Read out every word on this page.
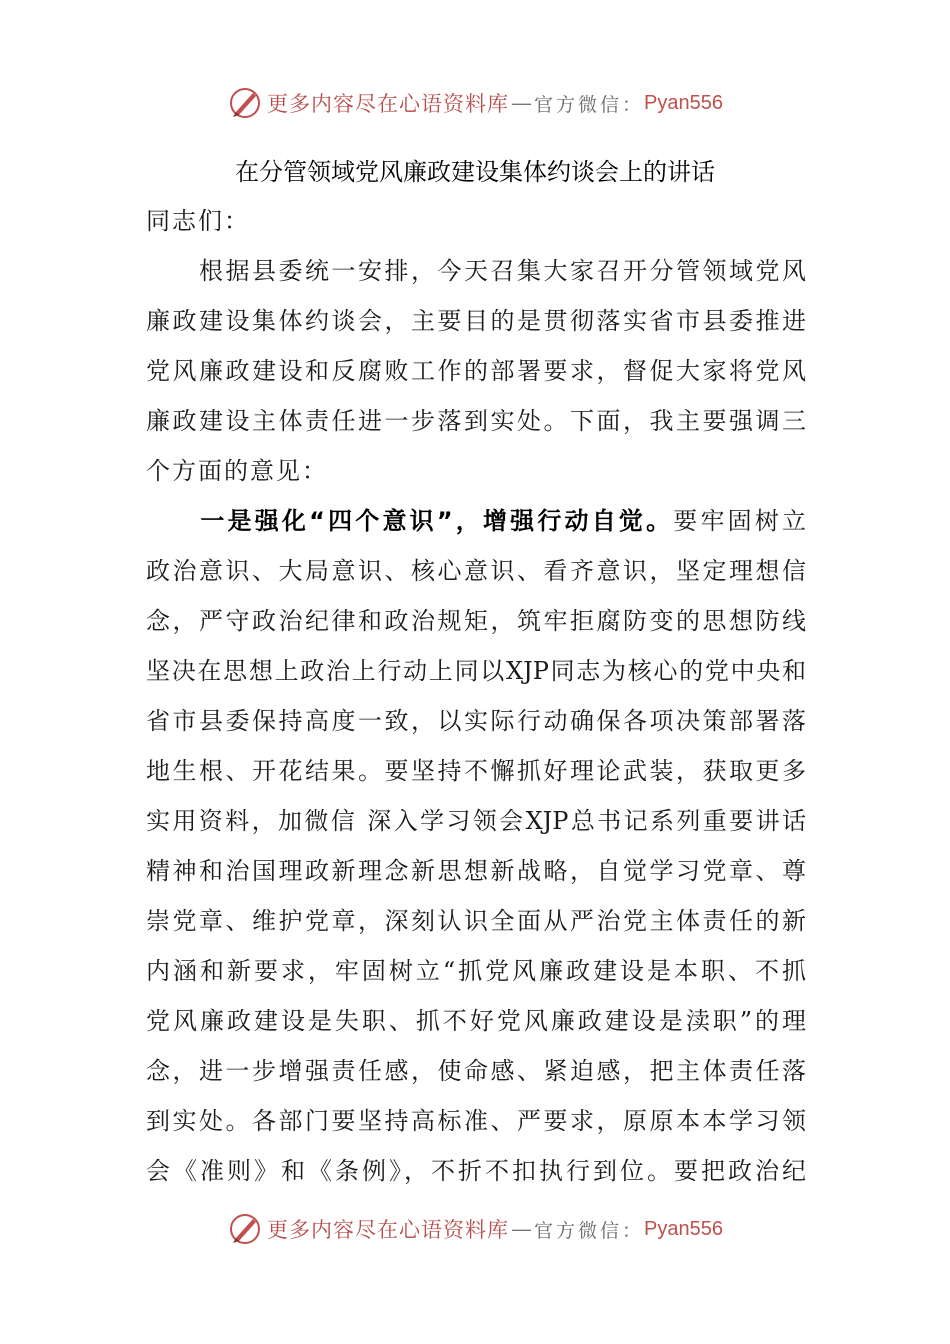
更多内容尽在心语资料库 — 官方微信： Pyan556
在分管领域党风廉政建设集体约谈会上的讲话
同志们：
　　根据县委统一安排，今天召集大家召开分管领域党风
廉政建设集体约谈会，主要目的是贯彻落实省市县委推进
党风廉政建设和反腐败工作的部署要求，督促大家将党风
廉政建设主体责任进一步落到实处。下面，我主要强调三
个方面的意见：
　　一是强化“四个意识”，增强行动自觉。要牢固树立
政治意识、大局意识、核心意识、看齐意识，坚定理想信
念，严守政治纪律和政治规矩，筑牢拒腐防变的思想防线
坚决在思想上政治上行动上同以XJP同志为核心的党中央和
省市县委保持高度一致，以实际行动确保各项决策部署落
地生根、开花结果。要坚持不懈抓好理论武装，获取更多
实用资料，加微信 深入学习领会XJP总书记系列重要讲话
精神和治国理政新理念新思想新战略，自觉学习党章、尊
崇党章、维护党章，深刻认识全面从严治党主体责任的新
内涵和新要求，牢固树立“抓党风廉政建设是本职、不抓
党风廉政建设是失职、抓不好党风廉政建设是渎职”的理
念，进一步增强责任感，使命感、紧迫感，把主体责任落
到实处。各部门要坚持高标准、严要求，原原本本学习领
会《准则》和《条例》，不折不扣执行到位。要把政治纪
更多内容尽在心语资料库 — 官方微信： Pyan556
